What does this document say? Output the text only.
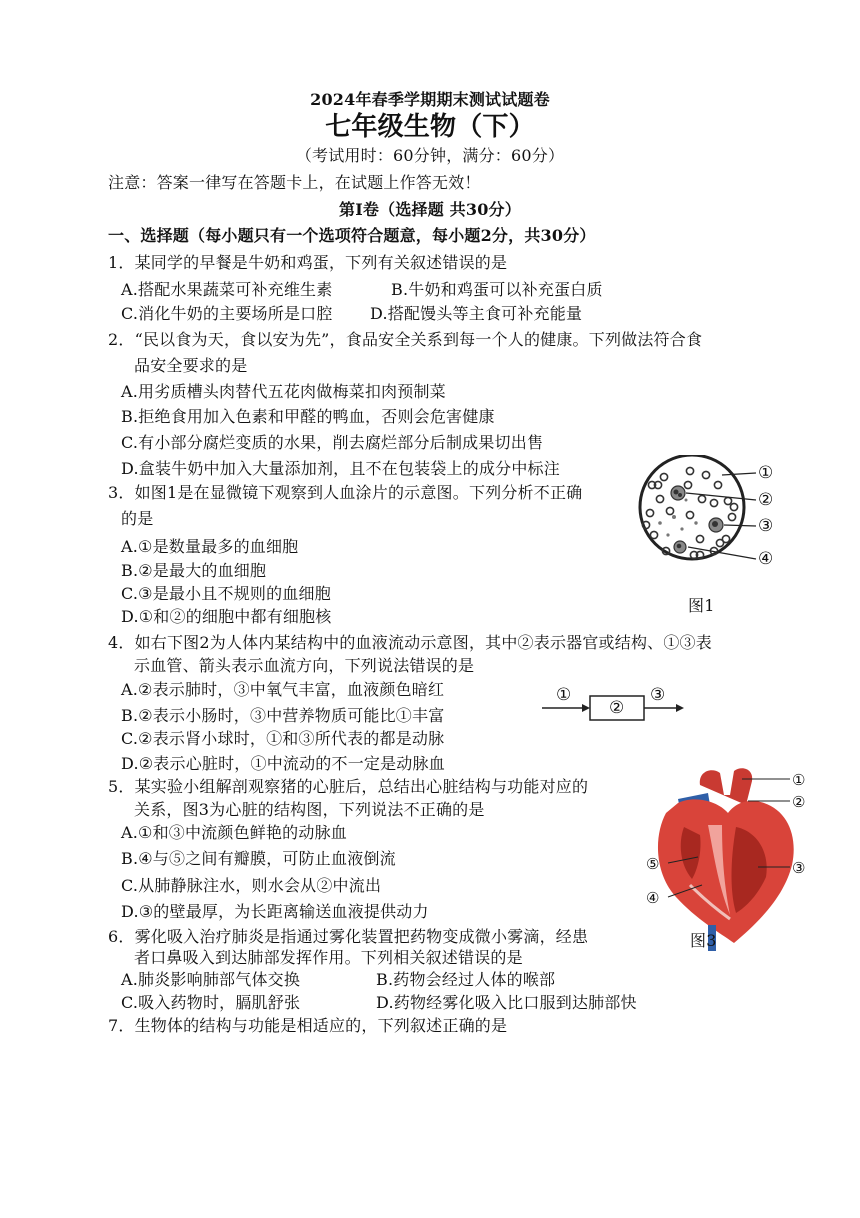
2024年春季学期期末测试试题卷
七年级生物（下）
（考试用时：60分钟，满分：60分）
注意：答案一律写在答题卡上，在试题上作答无效！
第Ⅰ卷（选择题 共30分）
一、选择题（每小题只有一个选项符合题意，每小题2分，共30分）
1．某同学的早餐是牛奶和鸡蛋，下列有关叙述错误的是
A.搭配水果蔬菜可补充维生素	B.牛奶和鸡蛋可以补充蛋白质
C.消化牛奶的主要场所是口腔 D.搭配馒头等主食可补充能量
2．“民以食为天，食以安为先”，食品安全关系到每一个人的健康。下列做法符合食
品安全要求的是
A.用劣质槽头肉替代五花肉做梅菜扣肉预制菜
B.拒绝食用加入色素和甲醛的鸭血，否则会危害健康
C.有小部分腐烂变质的水果，削去腐烂部分后制成果切出售
D.盒装牛奶中加入大量添加剂，且不在包装袋上的成分中标注
3．如图1是在显微镜下观察到人血涂片的示意图。下列分析不正确
的是
A.①是数量最多的血细胞
B.②是最大的血细胞
C.③是最小且不规则的血细胞
D.①和②的细胞中都有细胞核
4．如右下图2为人体内某结构中的血液流动示意图，其中②表示器官或结构、①③表
示血管、箭头表示血流方向，下列说法错误的是
A.②表示肺时，③中氧气丰富，血液颜色暗红
B.②表示小肠时，③中营养物质可能比①丰富
C.②表示肾小球时，①和③所代表的都是动脉
D.②表示心脏时，①中流动的不一定是动脉血
5．某实验小组解剖观察猪的心脏后，总结出心脏结构与功能对应的
关系，图3为心脏的结构图，下列说法不正确的是
A.①和③中流颜色鲜艳的动脉血
B.④与⑤之间有瓣膜，可防止血液倒流
C.从肺静脉注水，则水会从②中流出
D.③的壁最厚，为长距离输送血液提供动力
6．雾化吸入治疗肺炎是指通过雾化装置把药物变成微小雾滴，经患
者口鼻吸入到达肺部发挥作用。下列相关叙述错误的是
A.肺炎影响肺部气体交换	B.药物会经过人体的喉部
C.吸入药物时，膈肌舒张	D.药物经雾化吸入比口服到达肺部快
7．生物体的结构与功能是相适应的，下列叙述正确的是
①
②
③
④
图1
①
②
③
①
②
③
④
⑤
图3
